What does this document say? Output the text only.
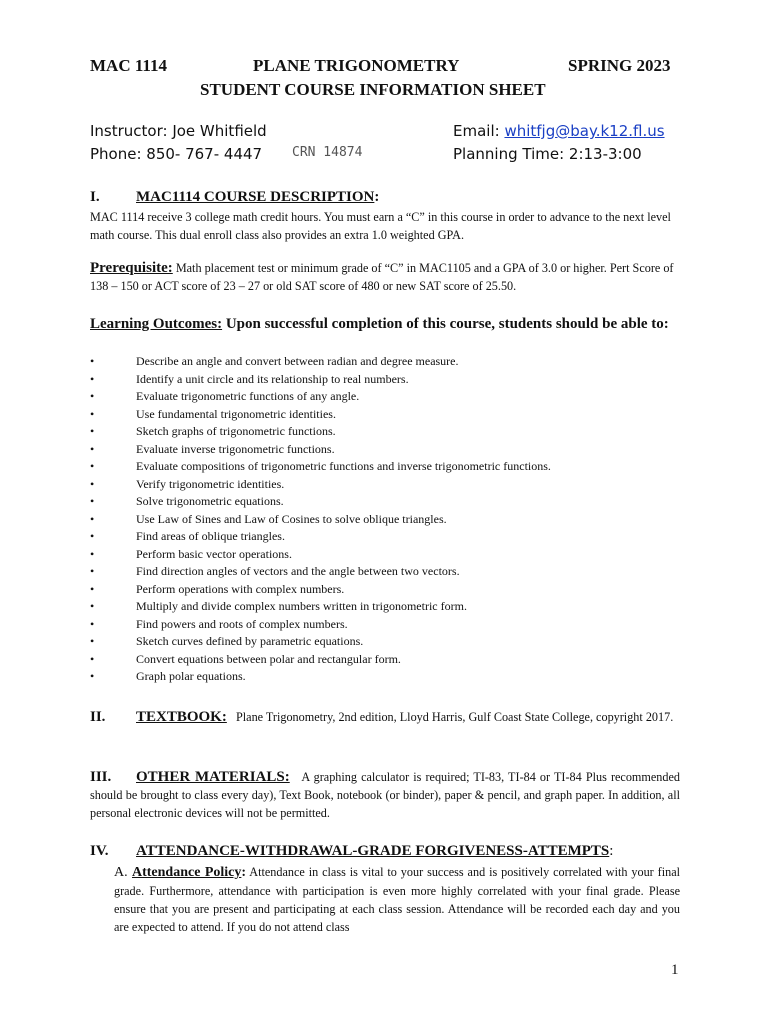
MAC 1114	PLANE TRIGONOMETRY	SPRING 2023
STUDENT COURSE INFORMATION SHEET
Instructor: Joe Whitfield
Phone: 850- 767- 4447 CRN 14874
Email: whitfjg@bay.k12.fl.us
Planning Time: 2:13-3:00
I. MAC1114 COURSE DESCRIPTION:
MAC 1114 receive 3 college math credit hours. You must earn a “C” in this course in order to advance to the next level math course. This dual enroll class also provides an extra 1.0 weighted GPA.
Prerequisite: Math placement test or minimum grade of “C” in MAC1105 and a GPA of 3.0 or higher. Pert Score of 138 – 150 or ACT score of 23 – 27 or old SAT score of 480 or new SAT score of 25.50.
Learning Outcomes: Upon successful completion of this course, students should be able to:
•	Describe an angle and convert between radian and degree measure.
•	Identify a unit circle and its relationship to real numbers.
•	Evaluate trigonometric functions of any angle.
•	Use fundamental trigonometric identities.
•	Sketch graphs of trigonometric functions.
•	Evaluate inverse trigonometric functions.
•	Evaluate compositions of trigonometric functions and inverse trigonometric functions.
•	Verify trigonometric identities.
•	Solve trigonometric equations.
•	Use Law of Sines and Law of Cosines to solve oblique triangles.
•	Find areas of oblique triangles.
•	Perform basic vector operations.
•	Find direction angles of vectors and the angle between two vectors.
•	Perform operations with complex numbers.
•	Multiply and divide complex numbers written in trigonometric form.
•	Find powers and roots of complex numbers.
•	Sketch curves defined by parametric equations.
•	Convert equations between polar and rectangular form.
•	Graph polar equations.
II. TEXTBOOK: Plane Trigonometry, 2nd edition, Lloyd Harris, Gulf Coast State College, copyright 2017.
III. OTHER MATERIALS: A graphing calculator is required; TI-83, TI-84 or TI-84 Plus recommended should be brought to class every day), Text Book, notebook (or binder), paper & pencil, and graph paper. In addition, all personal electronic devices will not be permitted.
IV. ATTENDANCE-WITHDRAWAL-GRADE FORGIVENESS-ATTEMPTS:
A. Attendance Policy: Attendance in class is vital to your success and is positively correlated with your final grade. Furthermore, attendance with participation is even more highly correlated with your final grade. Please ensure that you are present and participating at each class session. Attendance will be recorded each day and you are expected to attend. If you do not attend class
1
